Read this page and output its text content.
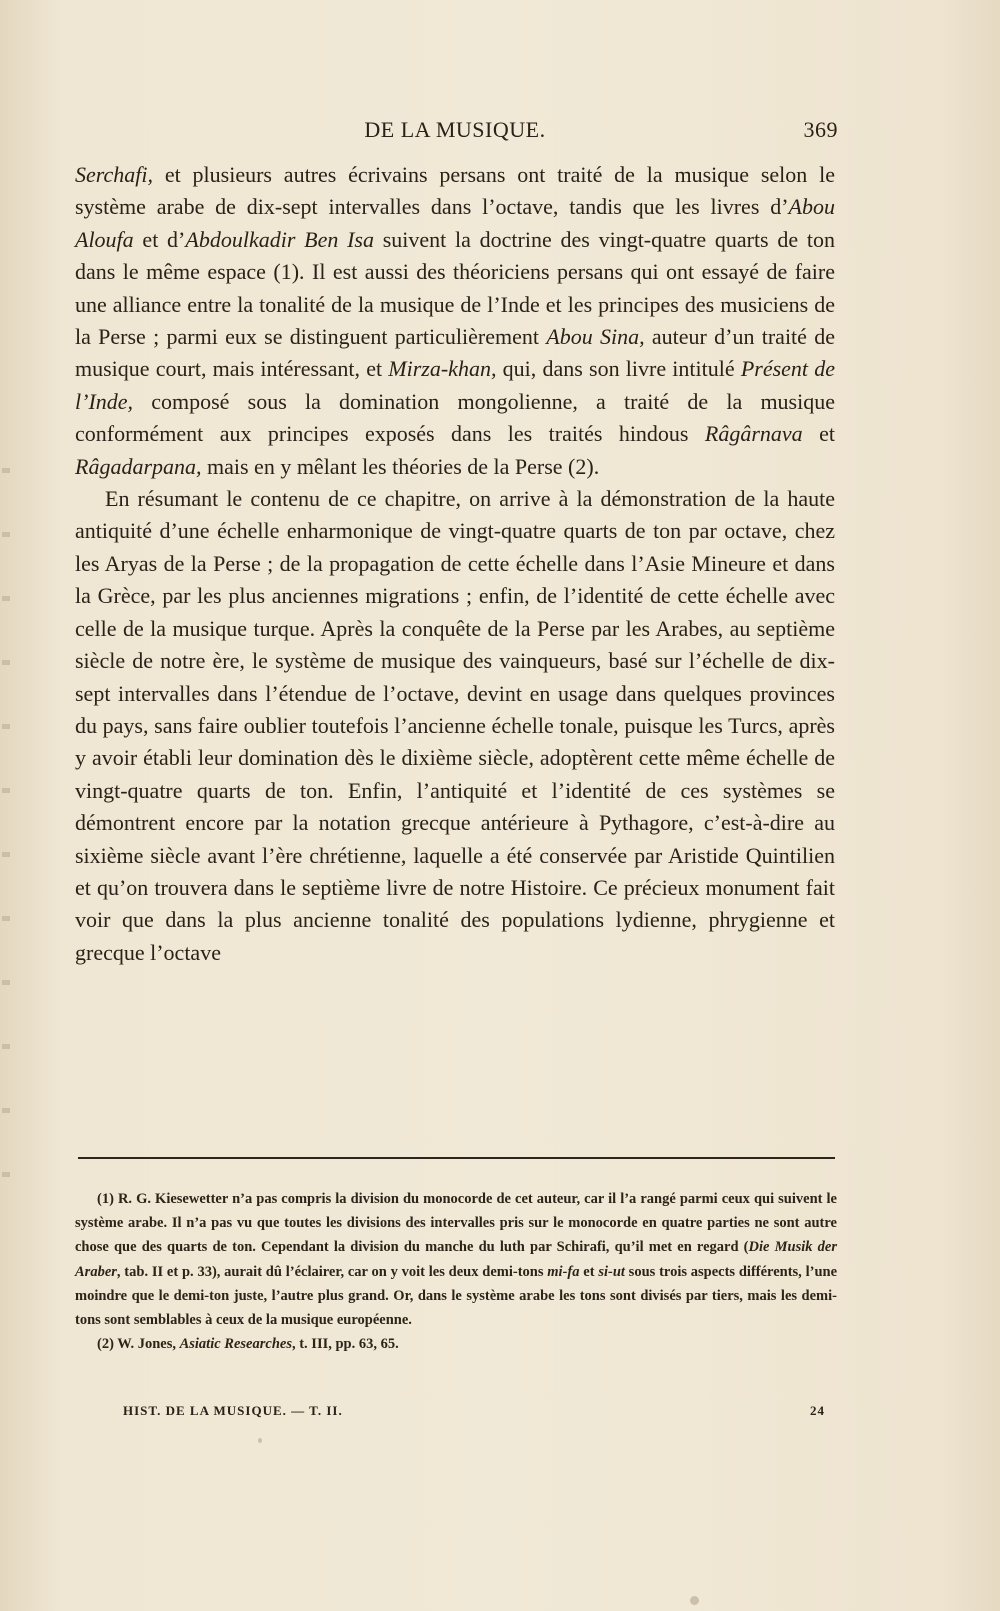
DE LA MUSIQUE.	369

Serchafi, et plusieurs autres écrivains persans ont traité de la musique selon le système arabe de dix-sept intervalles dans l’octave, tandis que les livres d’Abou Aloufa et d’Abdoulkadir Ben Isa suivent la doctrine des vingt-quatre quarts de ton dans le même espace (1). Il est aussi des théoriciens persans qui ont essayé de faire une alliance entre la tonalité de la musique de l’Inde et les principes des musiciens de la Perse ; parmi eux se distinguent particulièrement Abou Sina, auteur d’un traité de musique court, mais intéressant, et Mirza-khan, qui, dans son livre intitulé Présent de l’Inde, composé sous la domination mongolienne, a traité de la musique conformément aux principes exposés dans les traités hindous Râgârnava et Râgadarpana, mais en y mêlant les théories de la Perse (2).

En résumant le contenu de ce chapitre, on arrive à la démonstration de la haute antiquité d’une échelle enharmonique de vingt-quatre quarts de ton par octave, chez les Aryas de la Perse ; de la propagation de cette échelle dans l’Asie Mineure et dans la Grèce, par les plus anciennes migrations ; enfin, de l’identité de cette échelle avec celle de la musique turque. Après la conquête de la Perse par les Arabes, au septième siècle de notre ère, le système de musique des vainqueurs, basé sur l’échelle de dix-sept intervalles dans l’étendue de l’octave, devint en usage dans quelques provinces du pays, sans faire oublier toutefois l’ancienne échelle tonale, puisque les Turcs, après y avoir établi leur domination dès le dixième siècle, adoptèrent cette même échelle de vingt-quatre quarts de ton. Enfin, l’antiquité et l’identité de ces systèmes se démontrent encore par la notation grecque antérieure à Pythagore, c’est-à-dire au sixième siècle avant l’ère chrétienne, laquelle a été conservée par Aristide Quintilien et qu’on trouvera dans le septième livre de notre Histoire. Ce précieux monument fait voir que dans la plus ancienne tonalité des populations lydienne, phrygienne et grecque l’octave

(1) R. G. Kiesewetter n’a pas compris la division du monocorde de cet auteur, car il l’a rangé parmi ceux qui suivent le système arabe. Il n’a pas vu que toutes les divisions des intervalles pris sur le monocorde en quatre parties ne sont autre chose que des quarts de ton. Cependant la division du manche du luth par Schirafi, qu’il met en regard (Die Musik der Araber, tab. II et p. 33), aurait dû l’éclairer, car on y voit les deux demi-tons mi-fa et si-ut sous trois aspects différents, l’une moindre que le demi-ton juste, l’autre plus grand. Or, dans le système arabe les tons sont divisés par tiers, mais les demi-tons sont semblables à ceux de la musique européenne.

(2) W. Jones, Asiatic Researches, t. III, pp. 63, 65.

HIST. DE LA MUSIQUE. — T. II.	24
